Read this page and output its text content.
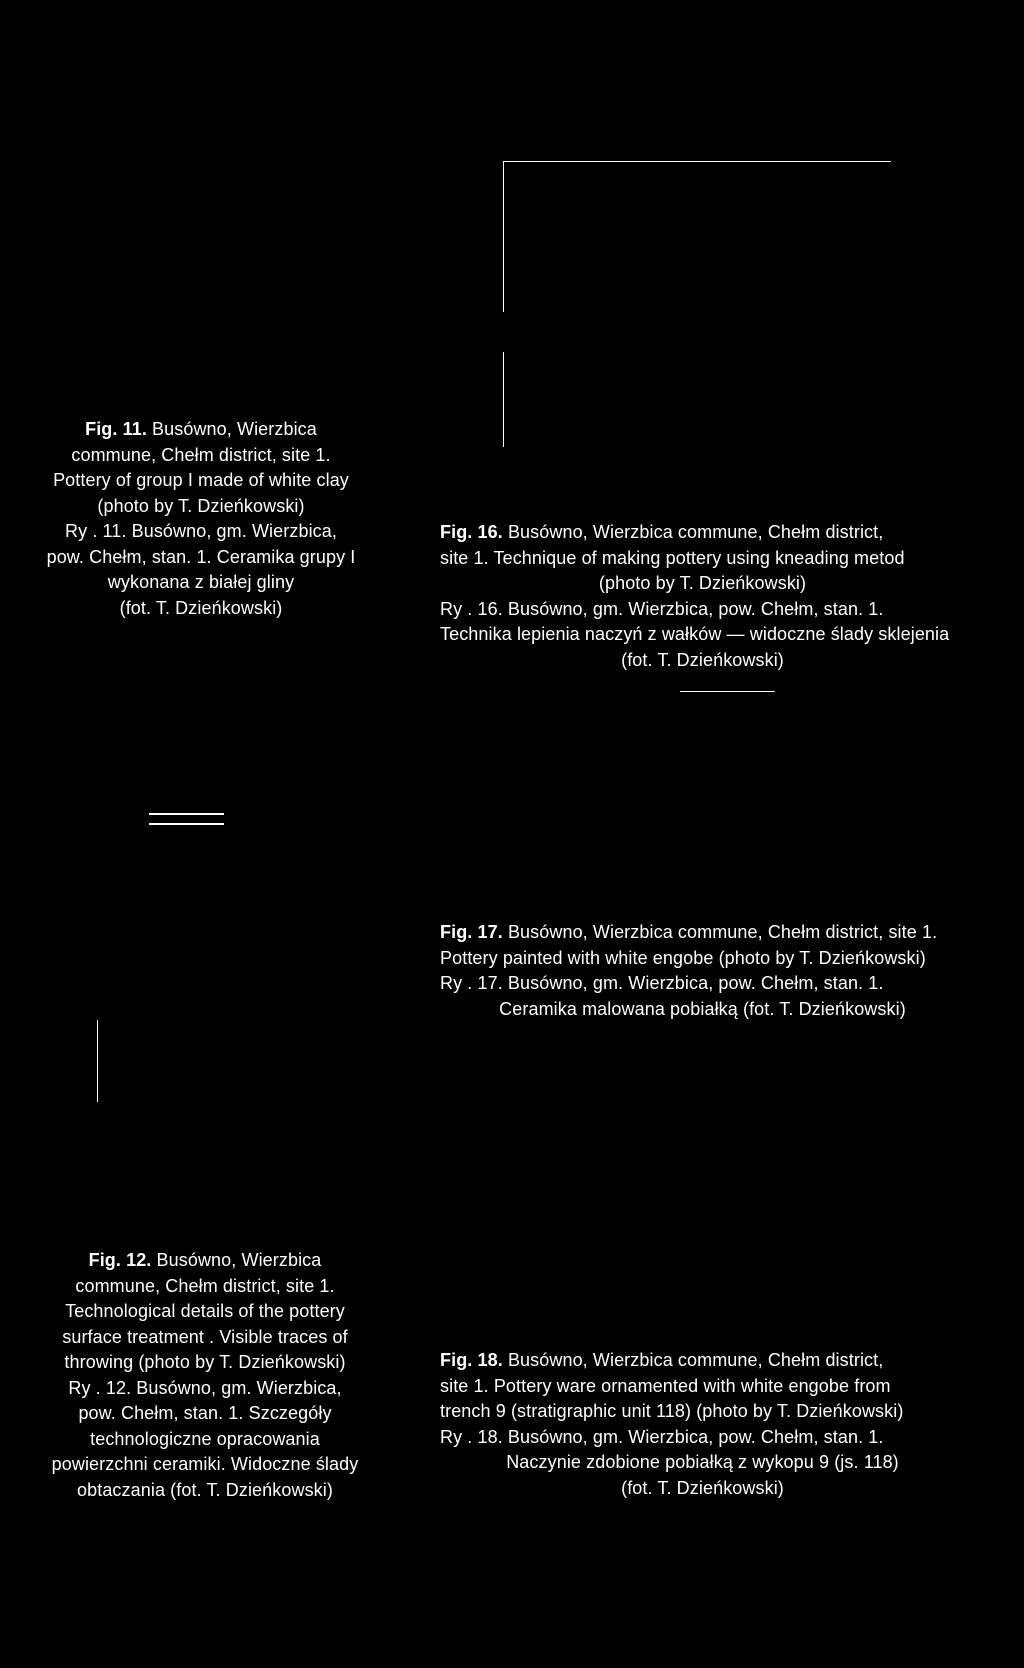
Fig. 11. Busówno, Wierzbica
commune, Chełm district, site 1.
Pottery of group I made of white clay
(photo by T. Dzieńkowski)
Ry . 11. Busówno, gm. Wierzbica,
pow. Chełm, stan. 1. Ceramika grupy I
wykonana z białej gliny
(fot. T. Dzieńkowski)
Fig. 16. Busówno, Wierzbica commune, Chełm district,
site 1. Technique of making pottery using kneading metod
(photo by T. Dzieńkowski)
Ry . 16. Busówno, gm. Wierzbica, pow. Chełm, stan. 1.
Technika lepienia naczyń z wałków — widoczne ślady sklejenia
(fot. T. Dzieńkowski)
Fig. 17. Busówno, Wierzbica commune, Chełm district, site 1.
Pottery painted with white engobe (photo by T. Dzieńkowski)
Ry . 17. Busówno, gm. Wierzbica, pow. Chełm, stan. 1.
Ceramika malowana pobiałką (fot. T. Dzieńkowski)
Fig. 12. Busówno, Wierzbica
commune, Chełm district, site 1.
Technological details of the pottery
surface treatment . Visible traces of
throwing (photo by T. Dzieńkowski)
Ry . 12. Busówno, gm. Wierzbica,
pow. Chełm, stan. 1. Szczegóły
technologiczne opracowania
powierzchni ceramiki. Widoczne ślady
obtaczania (fot. T. Dzieńkowski)
Fig. 18. Busówno, Wierzbica commune, Chełm district,
site 1. Pottery ware ornamented with white engobe from
trench 9 (stratigraphic unit 118) (photo by T. Dzieńkowski)
Ry . 18. Busówno, gm. Wierzbica, pow. Chełm, stan. 1.
Naczynie zdobione pobiałką z wykopu 9 (js. 118)
(fot. T. Dzieńkowski)
